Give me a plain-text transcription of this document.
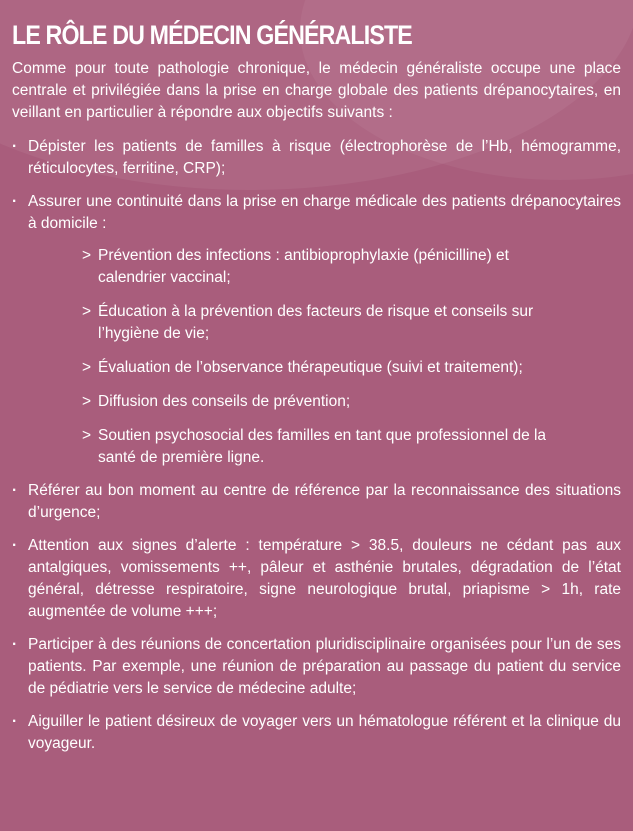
LE RÔLE DU MÉDECIN GÉNÉRALISTE

Comme pour toute pathologie chronique, le médecin généraliste occupe une place centrale et privilégiée dans la prise en charge globale des patients drépanocytaires, en veillant en particulier à répondre aux objectifs suivants :

· Dépister les patients de familles à risque (électrophorèse de l’Hb, hémogramme, réticulocytes, ferritine, CRP);
· Assurer une continuité dans la prise en charge médicale des patients drépanocytaires à domicile :
> Prévention des infections : antibioprophylaxie (pénicilline) et calendrier vaccinal;
> Éducation à la prévention des facteurs de risque et conseils sur l’hygiène de vie;
> Évaluation de l’observance thérapeutique (suivi et traitement);
> Diffusion des conseils de prévention;
> Soutien psychosocial des familles en tant que professionnel de la santé de première ligne.
· Référer au bon moment au centre de référence par la reconnaissance des situations d’urgence;
· Attention aux signes d’alerte : température > 38.5, douleurs ne cédant pas aux antalgiques, vomissements ++, pâleur et asthénie brutales, dégradation de l’état général, détresse respiratoire, signe neurologique brutal, priapisme > 1h, rate augmentée de volume +++;
· Participer à des réunions de concertation pluridisciplinaire organisées pour l’un de ses patients. Par exemple, une réunion de préparation au passage du patient du service de pédiatrie vers le service de médecine adulte;
· Aiguiller le patient désireux de voyager vers un hématologue référent et la clinique du voyageur.
